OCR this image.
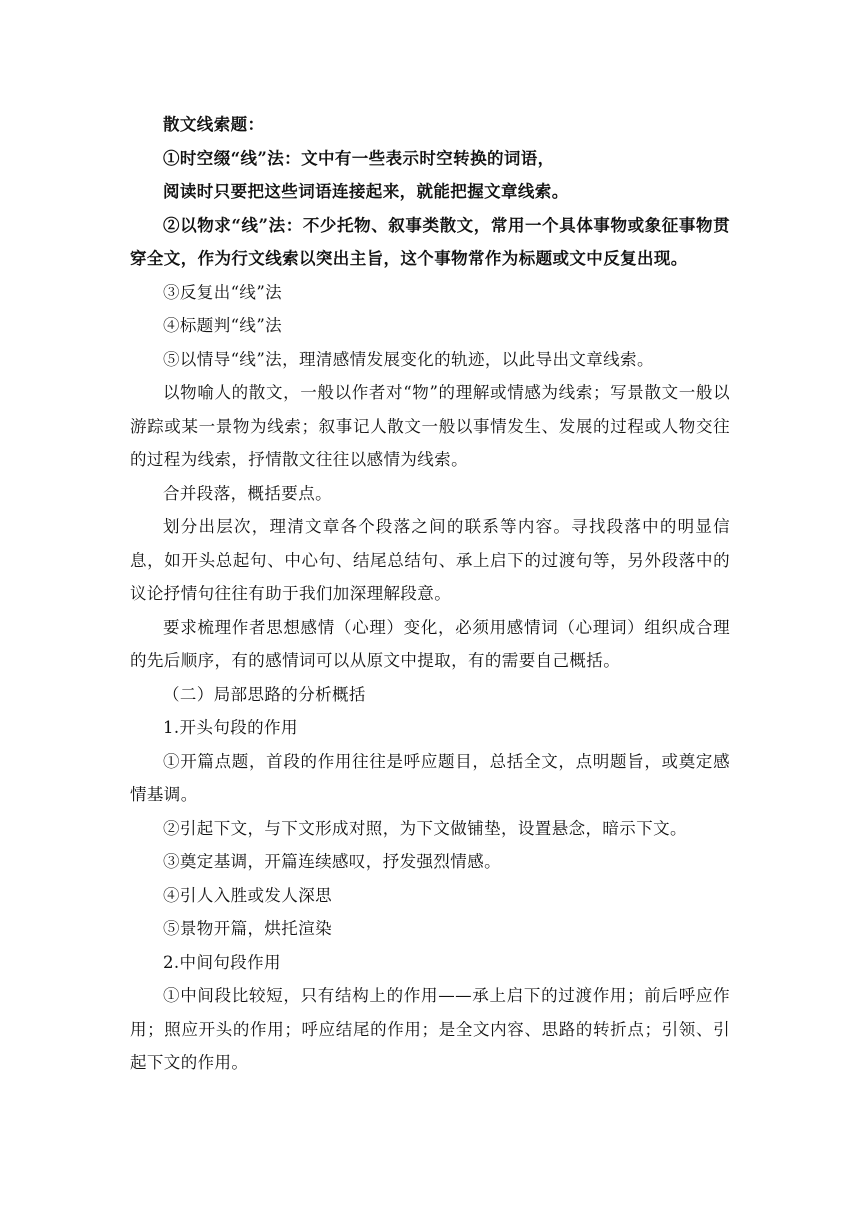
散文线索题：

①时空缀“线”法：文中有一些表示时空转换的词语，

阅读时只要把这些词语连接起来，就能把握文章线索。

②以物求“线”法：不少托物、叙事类散文，常用一个具体事物或象征事物贯穿全文，作为行文线索以突出主旨，这个事物常作为标题或文中反复出现。

③反复出“线”法

④标题判“线”法

⑤以情导“线”法，理清感情发展变化的轨迹，以此导出文章线索。

以物喻人的散文，一般以作者对“物”的理解或情感为线索；写景散文一般以游踪或某一景物为线索；叙事记人散文一般以事情发生、发展的过程或人物交往的过程为线索，抒情散文往往以感情为线索。

合并段落，概括要点。

划分出层次，理清文章各个段落之间的联系等内容。寻找段落中的明显信息，如开头总起句、中心句、结尾总结句、承上启下的过渡句等，另外段落中的议论抒情句往往有助于我们加深理解段意。

要求梳理作者思想感情（心理）变化，必须用感情词（心理词）组织成合理的先后顺序，有的感情词可以从原文中提取，有的需要自己概括。

（二）局部思路的分析概括

1.开头句段的作用

①开篇点题，首段的作用往往是呼应题目，总括全文，点明题旨，或奠定感情基调。

②引起下文，与下文形成对照，为下文做铺垫，设置悬念，暗示下文。

③奠定基调，开篇连续感叹，抒发强烈情感。

④引人入胜或发人深思

⑤景物开篇，烘托渲染

2.中间句段作用

①中间段比较短，只有结构上的作用——承上启下的过渡作用；前后呼应作用；照应开头的作用；呼应结尾的作用；是全文内容、思路的转折点；引领、引起下文的作用。
